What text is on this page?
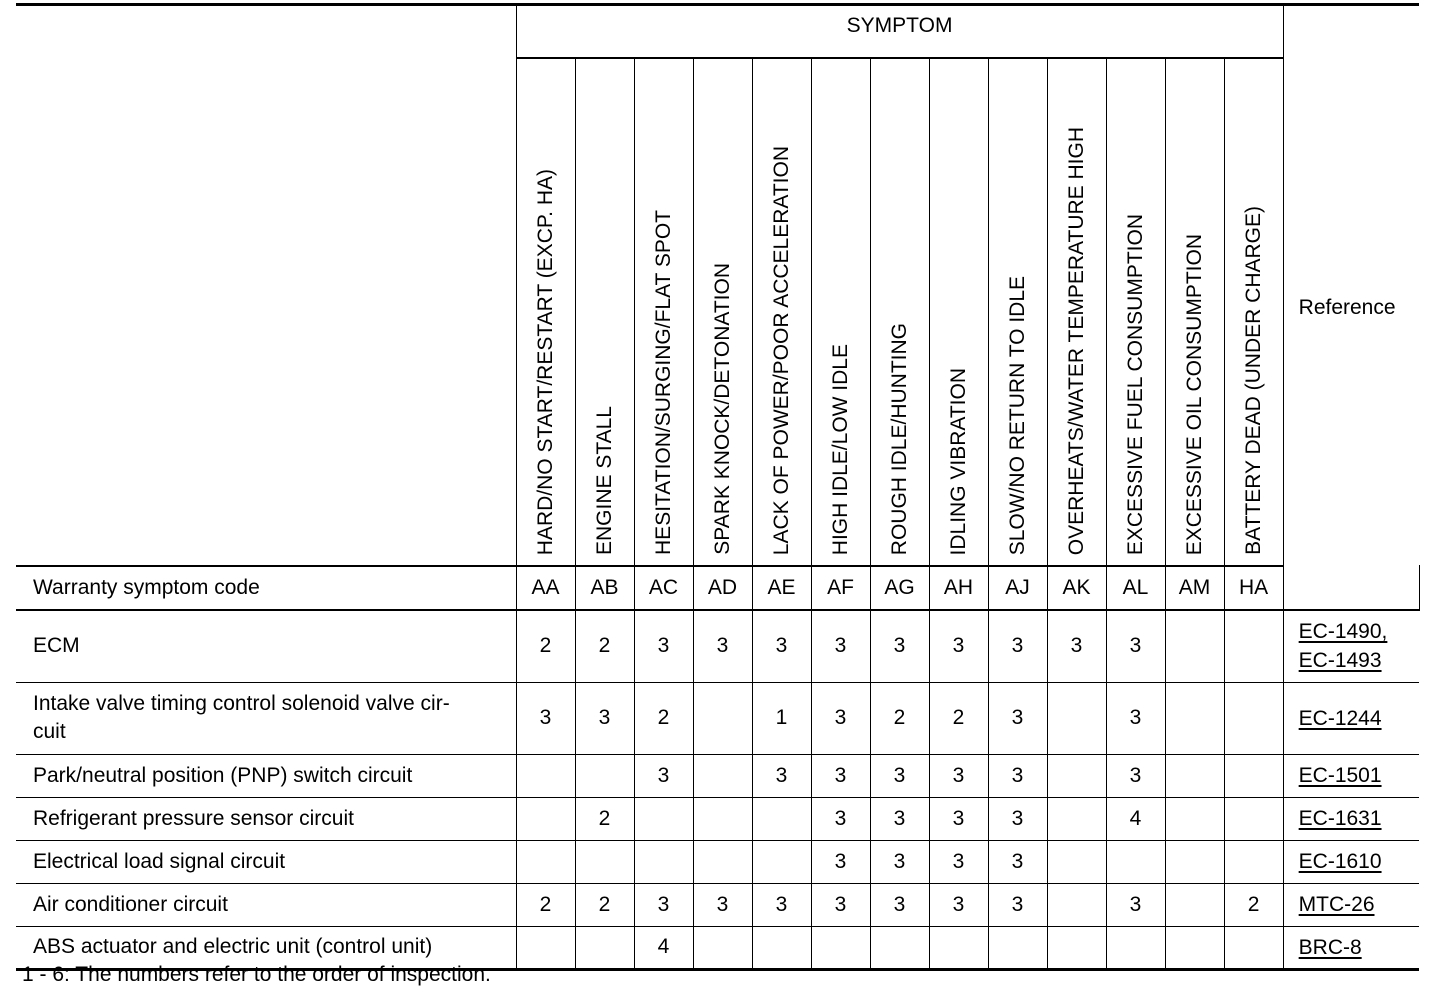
	SYMPTOM													Reference	
	HARD/NO START/RESTART (EXCP. HA)	ENGINE STALL	HESITATION/SURGING/FLAT SPOT	SPARK KNOCK/DETONATION	LACK OF POWER/POOR ACCELERATION	HIGH IDLE/LOW IDLE	ROUGH IDLE/HUNTING	IDLING VIBRATION	SLOW/NO RETURN TO IDLE	OVERHEATS/WATER TEMPERATURE HIGH	EXCESSIVE FUEL CONSUMPTION	EXCESSIVE OIL CONSUMPTION	BATTERY DEAD (UNDER CHARGE)		
Warranty symptom code	AA	AB	AC	AD	AE	AF	AG	AH	AJ	AK	AL	AM	HA		
ECM	2	2	3	3	3	3	3	3	3	3	3			EC-1490,
EC-1493	
Intake valve timing control solenoid valve cir-
cuit	3	3	2		1	3	2	2	3		3			EC-1244	
Park/neutral position (PNP) switch circuit			3		3	3	3	3	3		3			EC-1501	
Refrigerant pressure sensor circuit		2				3	3	3	3		4			EC-1631	
Electrical load signal circuit						3	3	3	3					EC-1610	
Air conditioner circuit	2	2	3	3	3	3	3	3	3		3		2	MTC-26	
ABS actuator and electric unit (control unit)			4											BRC-8	
1 - 6: The numbers refer to the order of inspection.
